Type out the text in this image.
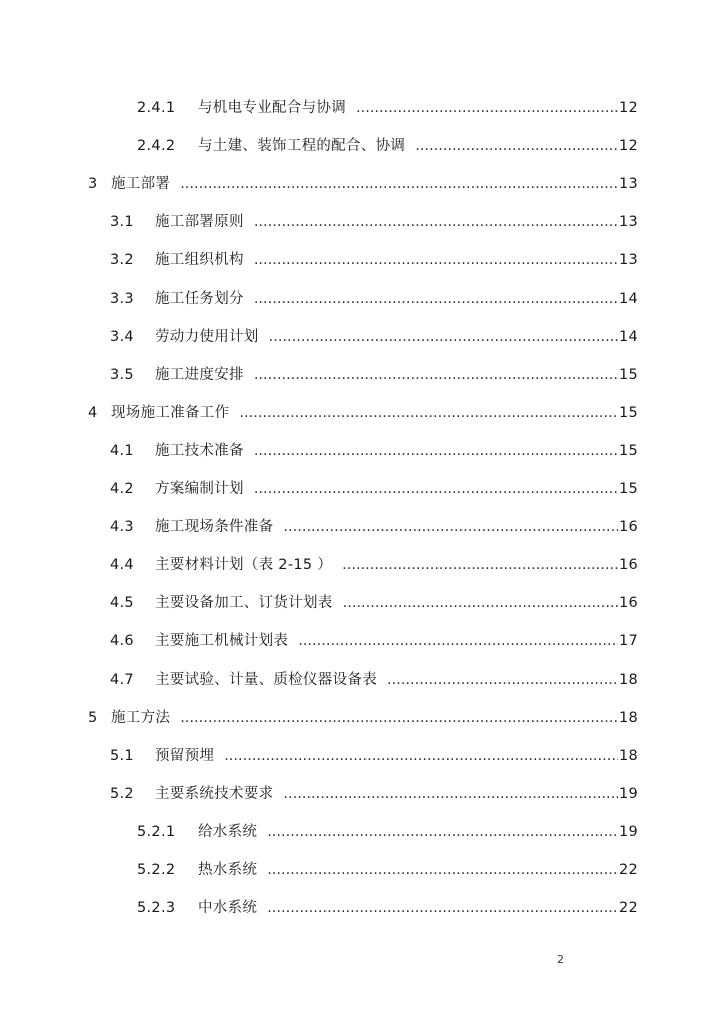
2.4.1	与机电专业配合与协调 .....	12
2.4.2	与土建、装饰工程的配合、协调 .....	12
3 施工部署 .....	13
3.1	施工部署原则 .....	13
3.2	施工组织机构 .....	13
3.3	施工任务划分 .....	14
3.4	劳动力使用计划 .....	14
3.5	施工进度安排 .....	15
4 现场施工准备工作 .....	15
4.1	施工技术准备 .....	15
4.2	方案编制计划 .....	15
4.3	施工现场条件准备 .....	16
4.4	主要材料计划（表 2-15 ） .....	16
4.5	主要设备加工、订货计划表 .....	16
4.6	主要施工机械计划表 .....	17
4.7	主要试验、计量、质检仪器设备表 .....	18
5 施工方法 .....	18
5.1	预留预埋 .....	18
5.2	主要系统技术要求 .....	19
5.2.1	给水系统 .....	19
5.2.2	热水系统 .....	22
5.2.3	中水系统 .....	22
2
